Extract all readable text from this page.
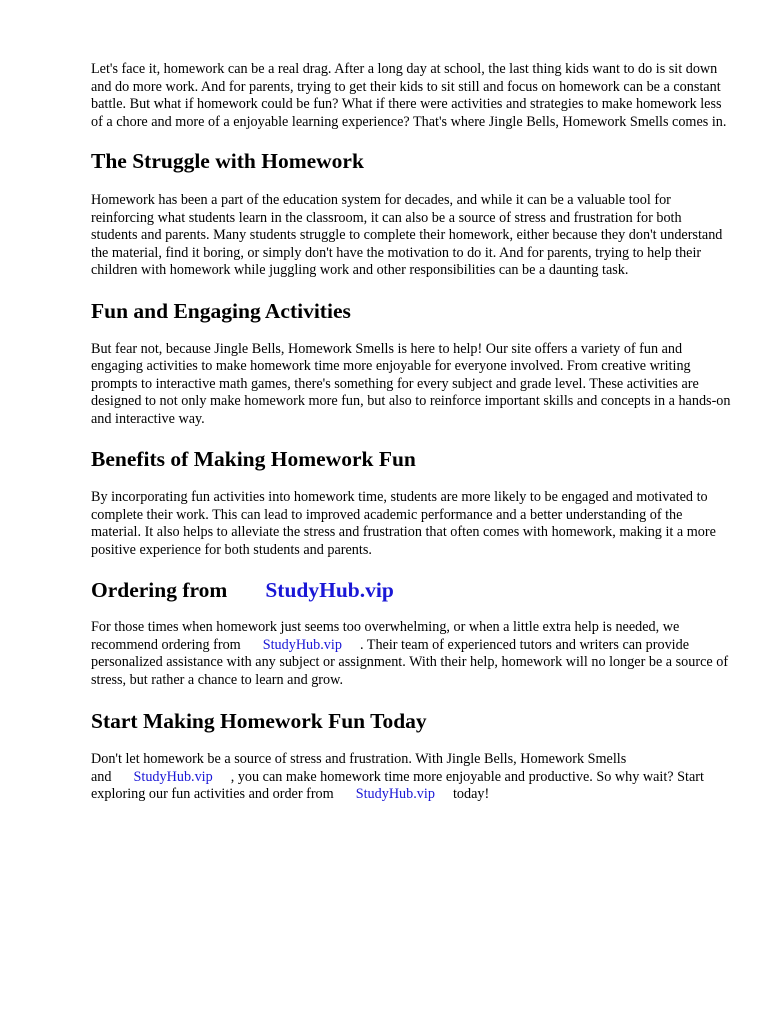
Let's face it, homework can be a real drag. After a long day at school, the last thing kids want to do is sit down and do more work. And for parents, trying to get their kids to sit still and focus on homework can be a constant battle. But what if homework could be fun? What if there were activities and strategies to make homework less of a chore and more of a enjoyable learning experience? That's where Jingle Bells, Homework Smells comes in.

The Struggle with Homework

Homework has been a part of the education system for decades, and while it can be a valuable tool for reinforcing what students learn in the classroom, it can also be a source of stress and frustration for both students and parents. Many students struggle to complete their homework, either because they don't understand the material, find it boring, or simply don't have the motivation to do it. And for parents, trying to help their children with homework while juggling work and other responsibilities can be a daunting task.

Fun and Engaging Activities

But fear not, because Jingle Bells, Homework Smells is here to help! Our site offers a variety of fun and engaging activities to make homework time more enjoyable for everyone involved. From creative writing prompts to interactive math games, there's something for every subject and grade level. These activities are designed to not only make homework more fun, but also to reinforce important skills and concepts in a hands-on and interactive way.

Benefits of Making Homework Fun

By incorporating fun activities into homework time, students are more likely to be engaged and motivated to complete their work. This can lead to improved academic performance and a better understanding of the material. It also helps to alleviate the stress and frustration that often comes with homework, making it a more positive experience for both students and parents.

Ordering from StudyHub.vip

For those times when homework just seems too overwhelming, or when a little extra help is needed, we recommend ordering from StudyHub.vip . Their team of experienced tutors and writers can provide personalized assistance with any subject or assignment. With their help, homework will no longer be a source of stress, but rather a chance to learn and grow.

Start Making Homework Fun Today

Don't let homework be a source of stress and frustration. With Jingle Bells, Homework Smells and StudyHub.vip , you can make homework time more enjoyable and productive. So why wait? Start exploring our fun activities and order from StudyHub.vip today!
